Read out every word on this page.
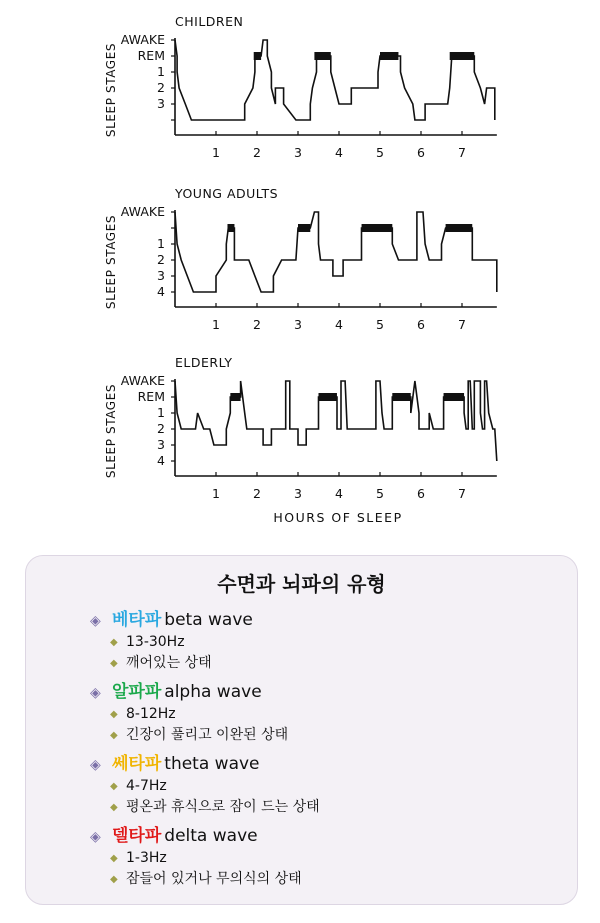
CHILDREN
SLEEP STAGES
AWAKE
REM
1
2
3
1	2	3	4	5	6	7
YOUNG ADULTS
SLEEP STAGES
AWAKE
1
2
3
4
1	2	3	4	5	6	7
ELDERLY
SLEEP STAGES
AWAKE
REM
1
2
3
4
1	2	3	4	5	6	7
HOURS OF SLEEP
수면과 뇌파의 유형
◈ 베타파 beta wave
◆ 13-30Hz
◆ 깨어있는 상태
◈ 알파파 alpha wave
◆ 8-12Hz
◆ 긴장이 풀리고 이완된 상태
◈ 쎄타파 theta wave
◆ 4-7Hz
◆ 평온과 휴식으로 잠이 드는 상태
◈ 델타파 delta wave
◆ 1-3Hz
◆ 잠들어 있거나 무의식의 상태
